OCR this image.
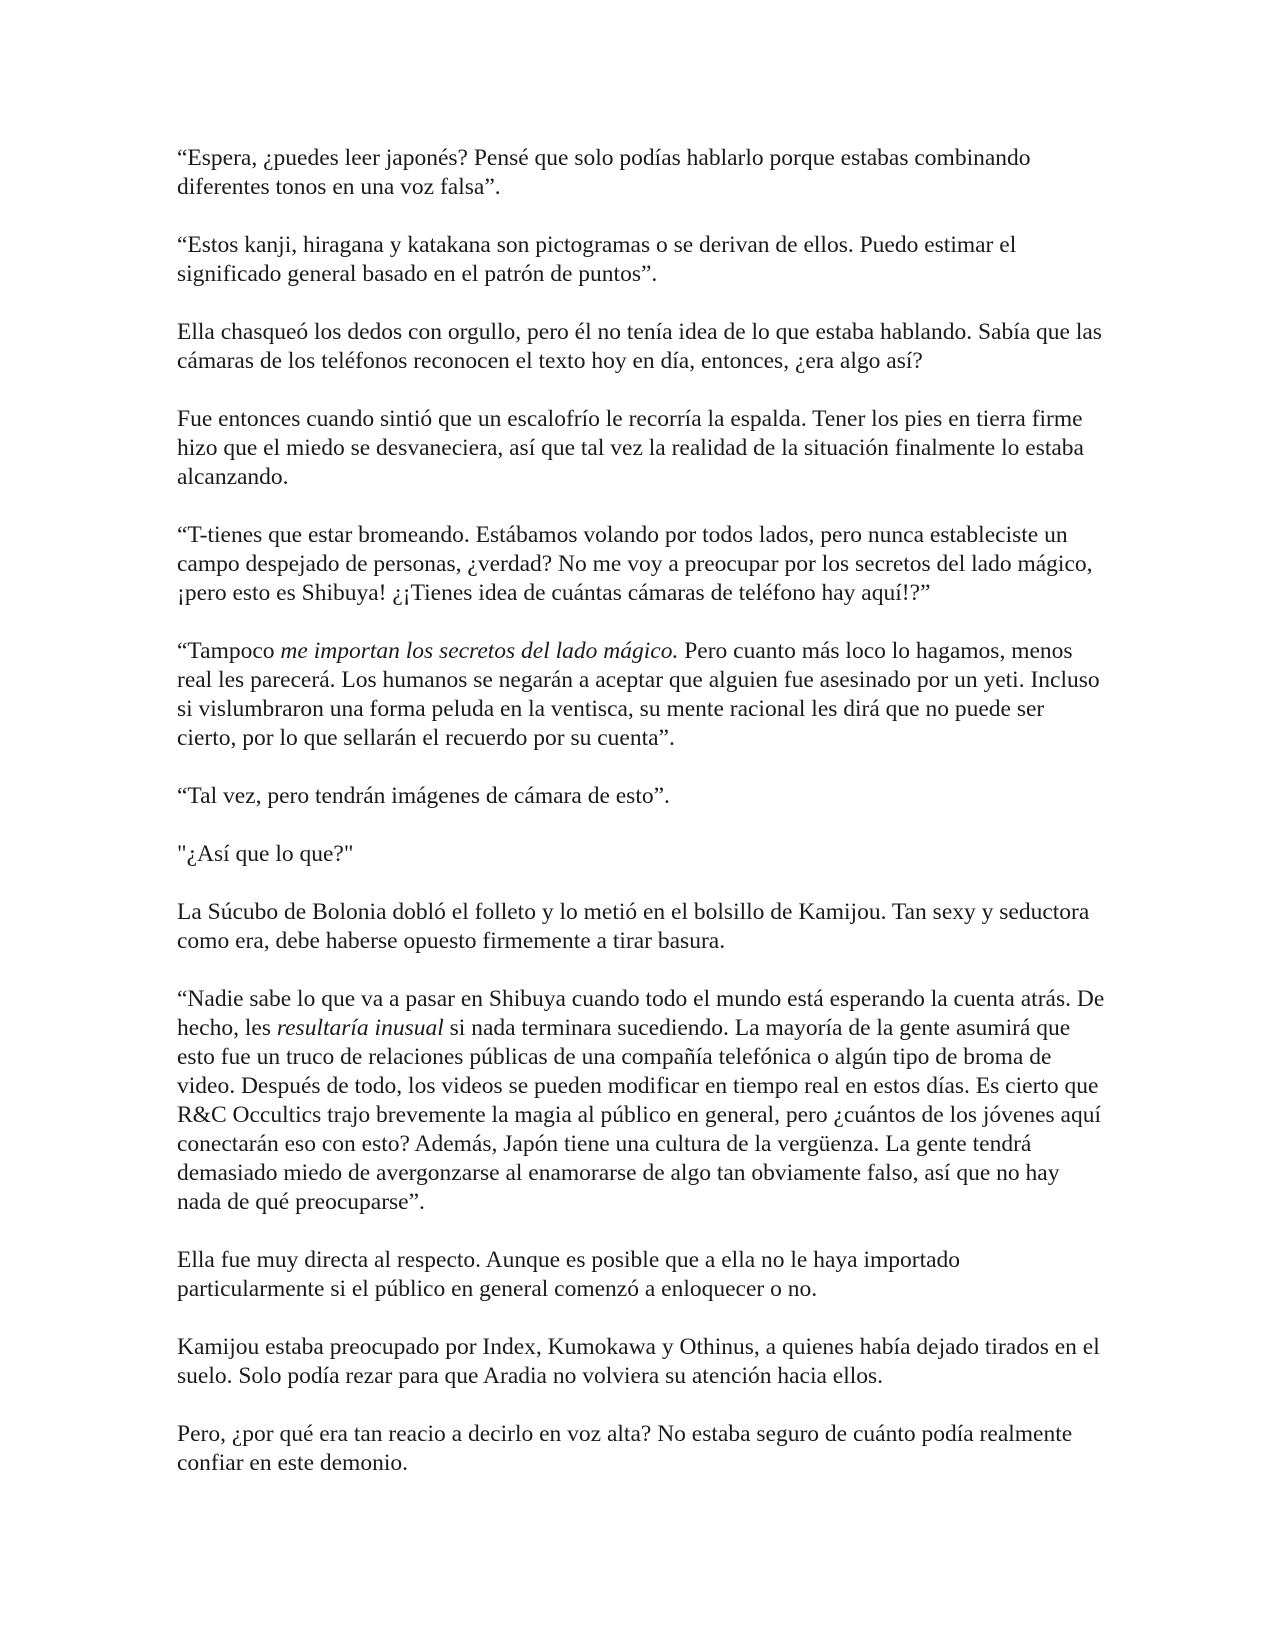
“Espera, ¿puedes leer japonés? Pensé que solo podías hablarlo porque estabas combinando diferentes tonos en una voz falsa”.

“Estos kanji, hiragana y katakana son pictogramas o se derivan de ellos. Puedo estimar el significado general basado en el patrón de puntos”.

Ella chasqueó los dedos con orgullo, pero él no tenía idea de lo que estaba hablando. Sabía que las cámaras de los teléfonos reconocen el texto hoy en día, entonces, ¿era algo así?

Fue entonces cuando sintió que un escalofrío le recorría la espalda. Tener los pies en tierra firme hizo que el miedo se desvaneciera, así que tal vez la realidad de la situación finalmente lo estaba alcanzando.

“T-tienes que estar bromeando. Estábamos volando por todos lados, pero nunca estableciste un campo despejado de personas, ¿verdad? No me voy a preocupar por los secretos del lado mágico, ¡pero esto es Shibuya! ¿¡Tienes idea de cuántas cámaras de teléfono hay aquí!?”

“Tampoco me importan los secretos del lado mágico. Pero cuanto más loco lo hagamos, menos real les parecerá. Los humanos se negarán a aceptar que alguien fue asesinado por un yeti. Incluso si vislumbraron una forma peluda en la ventisca, su mente racional les dirá que no puede ser cierto, por lo que sellarán el recuerdo por su cuenta”.

“Tal vez, pero tendrán imágenes de cámara de esto”.

"¿Así que lo que?"

La Súcubo de Bolonia dobló el folleto y lo metió en el bolsillo de Kamijou. Tan sexy y seductora como era, debe haberse opuesto firmemente a tirar basura.

“Nadie sabe lo que va a pasar en Shibuya cuando todo el mundo está esperando la cuenta atrás. De hecho, les resultaría inusual si nada terminara sucediendo. La mayoría de la gente asumirá que esto fue un truco de relaciones públicas de una compañía telefónica o algún tipo de broma de video. Después de todo, los videos se pueden modificar en tiempo real en estos días. Es cierto que R&C Occultics trajo brevemente la magia al público en general, pero ¿cuántos de los jóvenes aquí conectarán eso con esto? Además, Japón tiene una cultura de la vergüenza. La gente tendrá demasiado miedo de avergonzarse al enamorarse de algo tan obviamente falso, así que no hay nada de qué preocuparse”.

Ella fue muy directa al respecto. Aunque es posible que a ella no le haya importado particularmente si el público en general comenzó a enloquecer o no.

Kamijou estaba preocupado por Index, Kumokawa y Othinus, a quienes había dejado tirados en el suelo. Solo podía rezar para que Aradia no volviera su atención hacia ellos.

Pero, ¿por qué era tan reacio a decirlo en voz alta? No estaba seguro de cuánto podía realmente confiar en este demonio.
